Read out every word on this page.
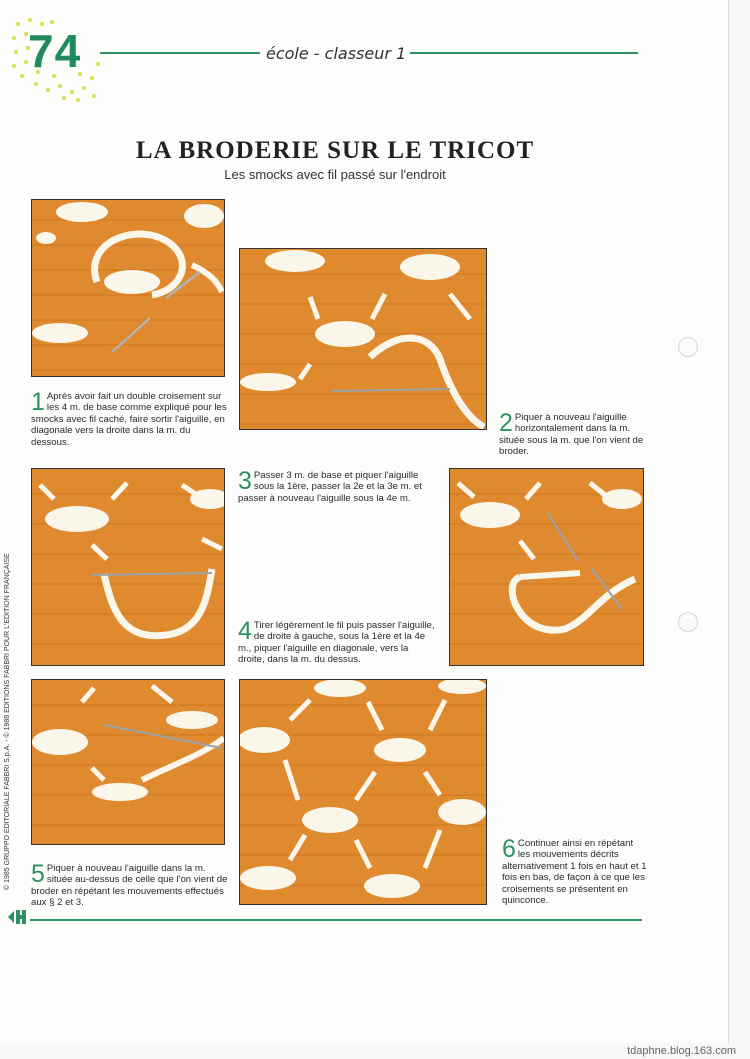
74	école - classeur 1
LA BRODERIE SUR LE TRICOT
Les smocks avec fil passé sur l'endroit
1 Après avoir fait un double croisement sur les 4 m. de base comme expliqué pour les smocks avec fil caché, faire sortir l'aiguille, en diagonale vers la droite dans la m. du dessous.
2 Piquer à nouveau l'aiguille horizontalement dans la m. située sous la m. que l'on vient de broder.
3 Passer 3 m. de base et piquer l'aiguille sous la 1ère, passer la 2e et la 3e m. et passer à nouveau l'aiguille sous la 4e m.
4 Tirer légèrement le fil puis passer l'aiguille, de droite à gauche, sous la 1ère et la 4e m., piquer l'aiguille en diagonale, vers la droite, dans la m. du dessus.
5 Piquer à nouveau l'aiguille dans la m. située au-dessus de celle que l'on vient de broder en répétant les mouvements effectués aux § 2 et 3.
6 Continuer ainsi en répétant les mouvements décrits alternativement 1 fois en haut et 1 fois en bas, de façon à ce que les croisements se présentent en quinconce.
© 1985 GRUPPO EDITORIALE FABBRI S.p.A. - © 1988 EDITIONS FABBRI POUR L'EDITION FRANÇAISE
tdaphne.blog.163.com
